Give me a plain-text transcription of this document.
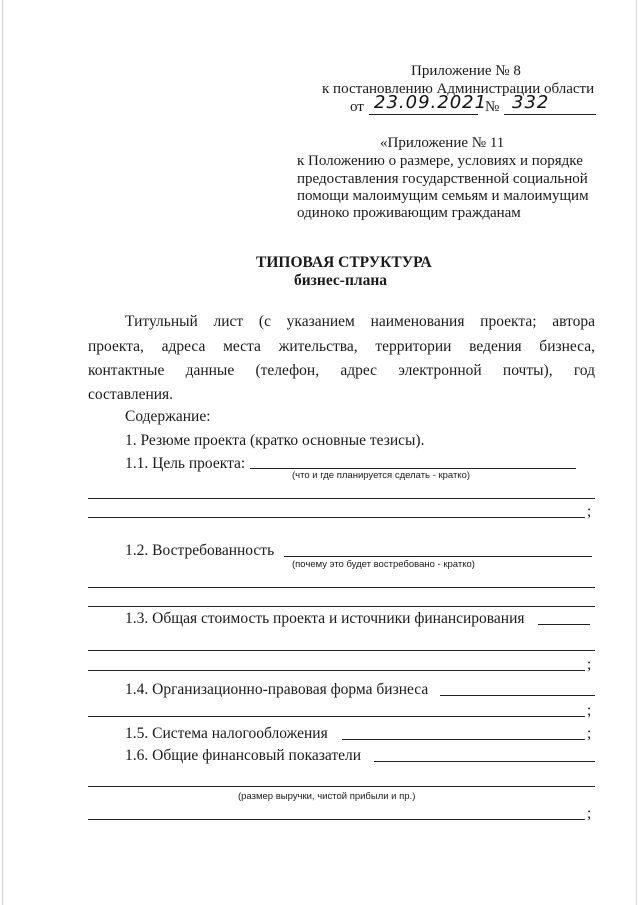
Приложение № 8
к постановлению Администрации области
от 23.09.2021
№ 332
«Приложение № 11
к Положению о размере, условиях и порядке
предоставления государственной социальной
помощи малоимущим семьям и малоимущим
одиноко проживающим гражданам
ТИПОВАЯ СТРУКТУРА
бизнес-плана
Титульный лист (с указанием наименования проекта; автора
проекта, адреса места жительства, территории ведения бизнеса,
контактные данные (телефон, адрес электронной почты), год
составления.
Содержание:
1. Резюме проекта (кратко основные тезисы).
1.1. Цель проекта:
(что и где планируется сделать - кратко)
;
1.2. Востребованность
(почему это будет востребовано - кратко)
1.3. Общая стоимость проекта и источники финансирования
;
1.4. Организационно-правовая форма бизнеса
;
1.5. Система налогообложения	;
1.6. Общие финансовый показатели
(размер выручки, чистой прибыли и пр.)
;
